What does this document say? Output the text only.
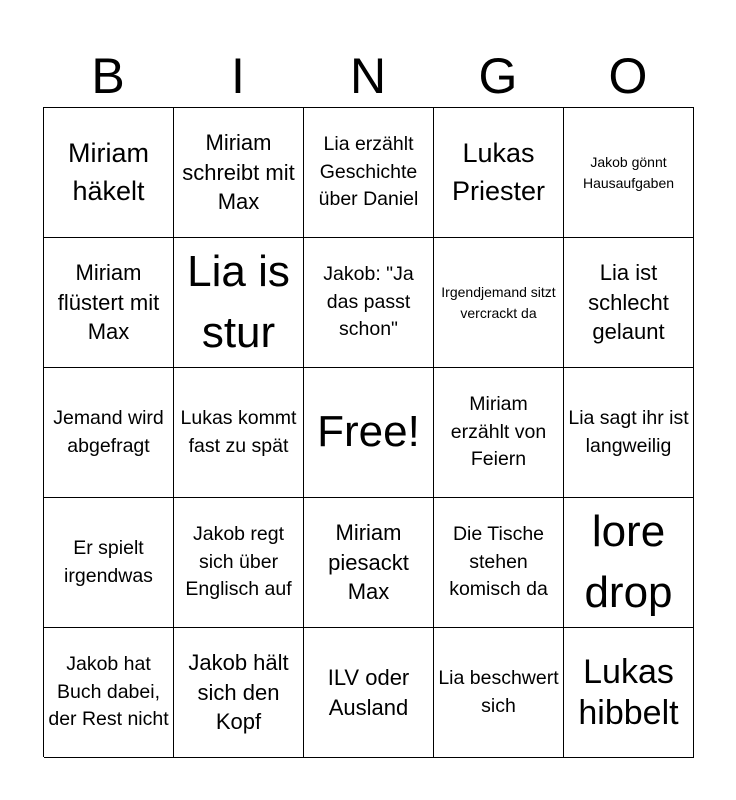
B	I	N	G	O
Miriam häkelt
Miriam schreibt mit Max
Lia erzählt Geschichte über Daniel
Lukas Priester
Jakob gönnt Hausaufgaben
Miriam flüstert mit Max
Lia is stur
Jakob: "Ja das passt schon"
Irgendjemand sitzt vercrackt da
Lia ist schlecht gelaunt
Jemand wird abgefragt
Lukas kommt fast zu spät Free!
Miriam erzählt von Feiern
Lia sagt ihr ist langweilig
Er spielt irgendwas
Jakob regt sich über Englisch auf
Miriam piesackt Max
Die Tische stehen komisch da
lore drop
Jakob hat Buch dabei, der Rest nicht
Jakob hält sich den Kopf
ILV oder Ausland
Lia beschwert sich
Lukas hibbelt
